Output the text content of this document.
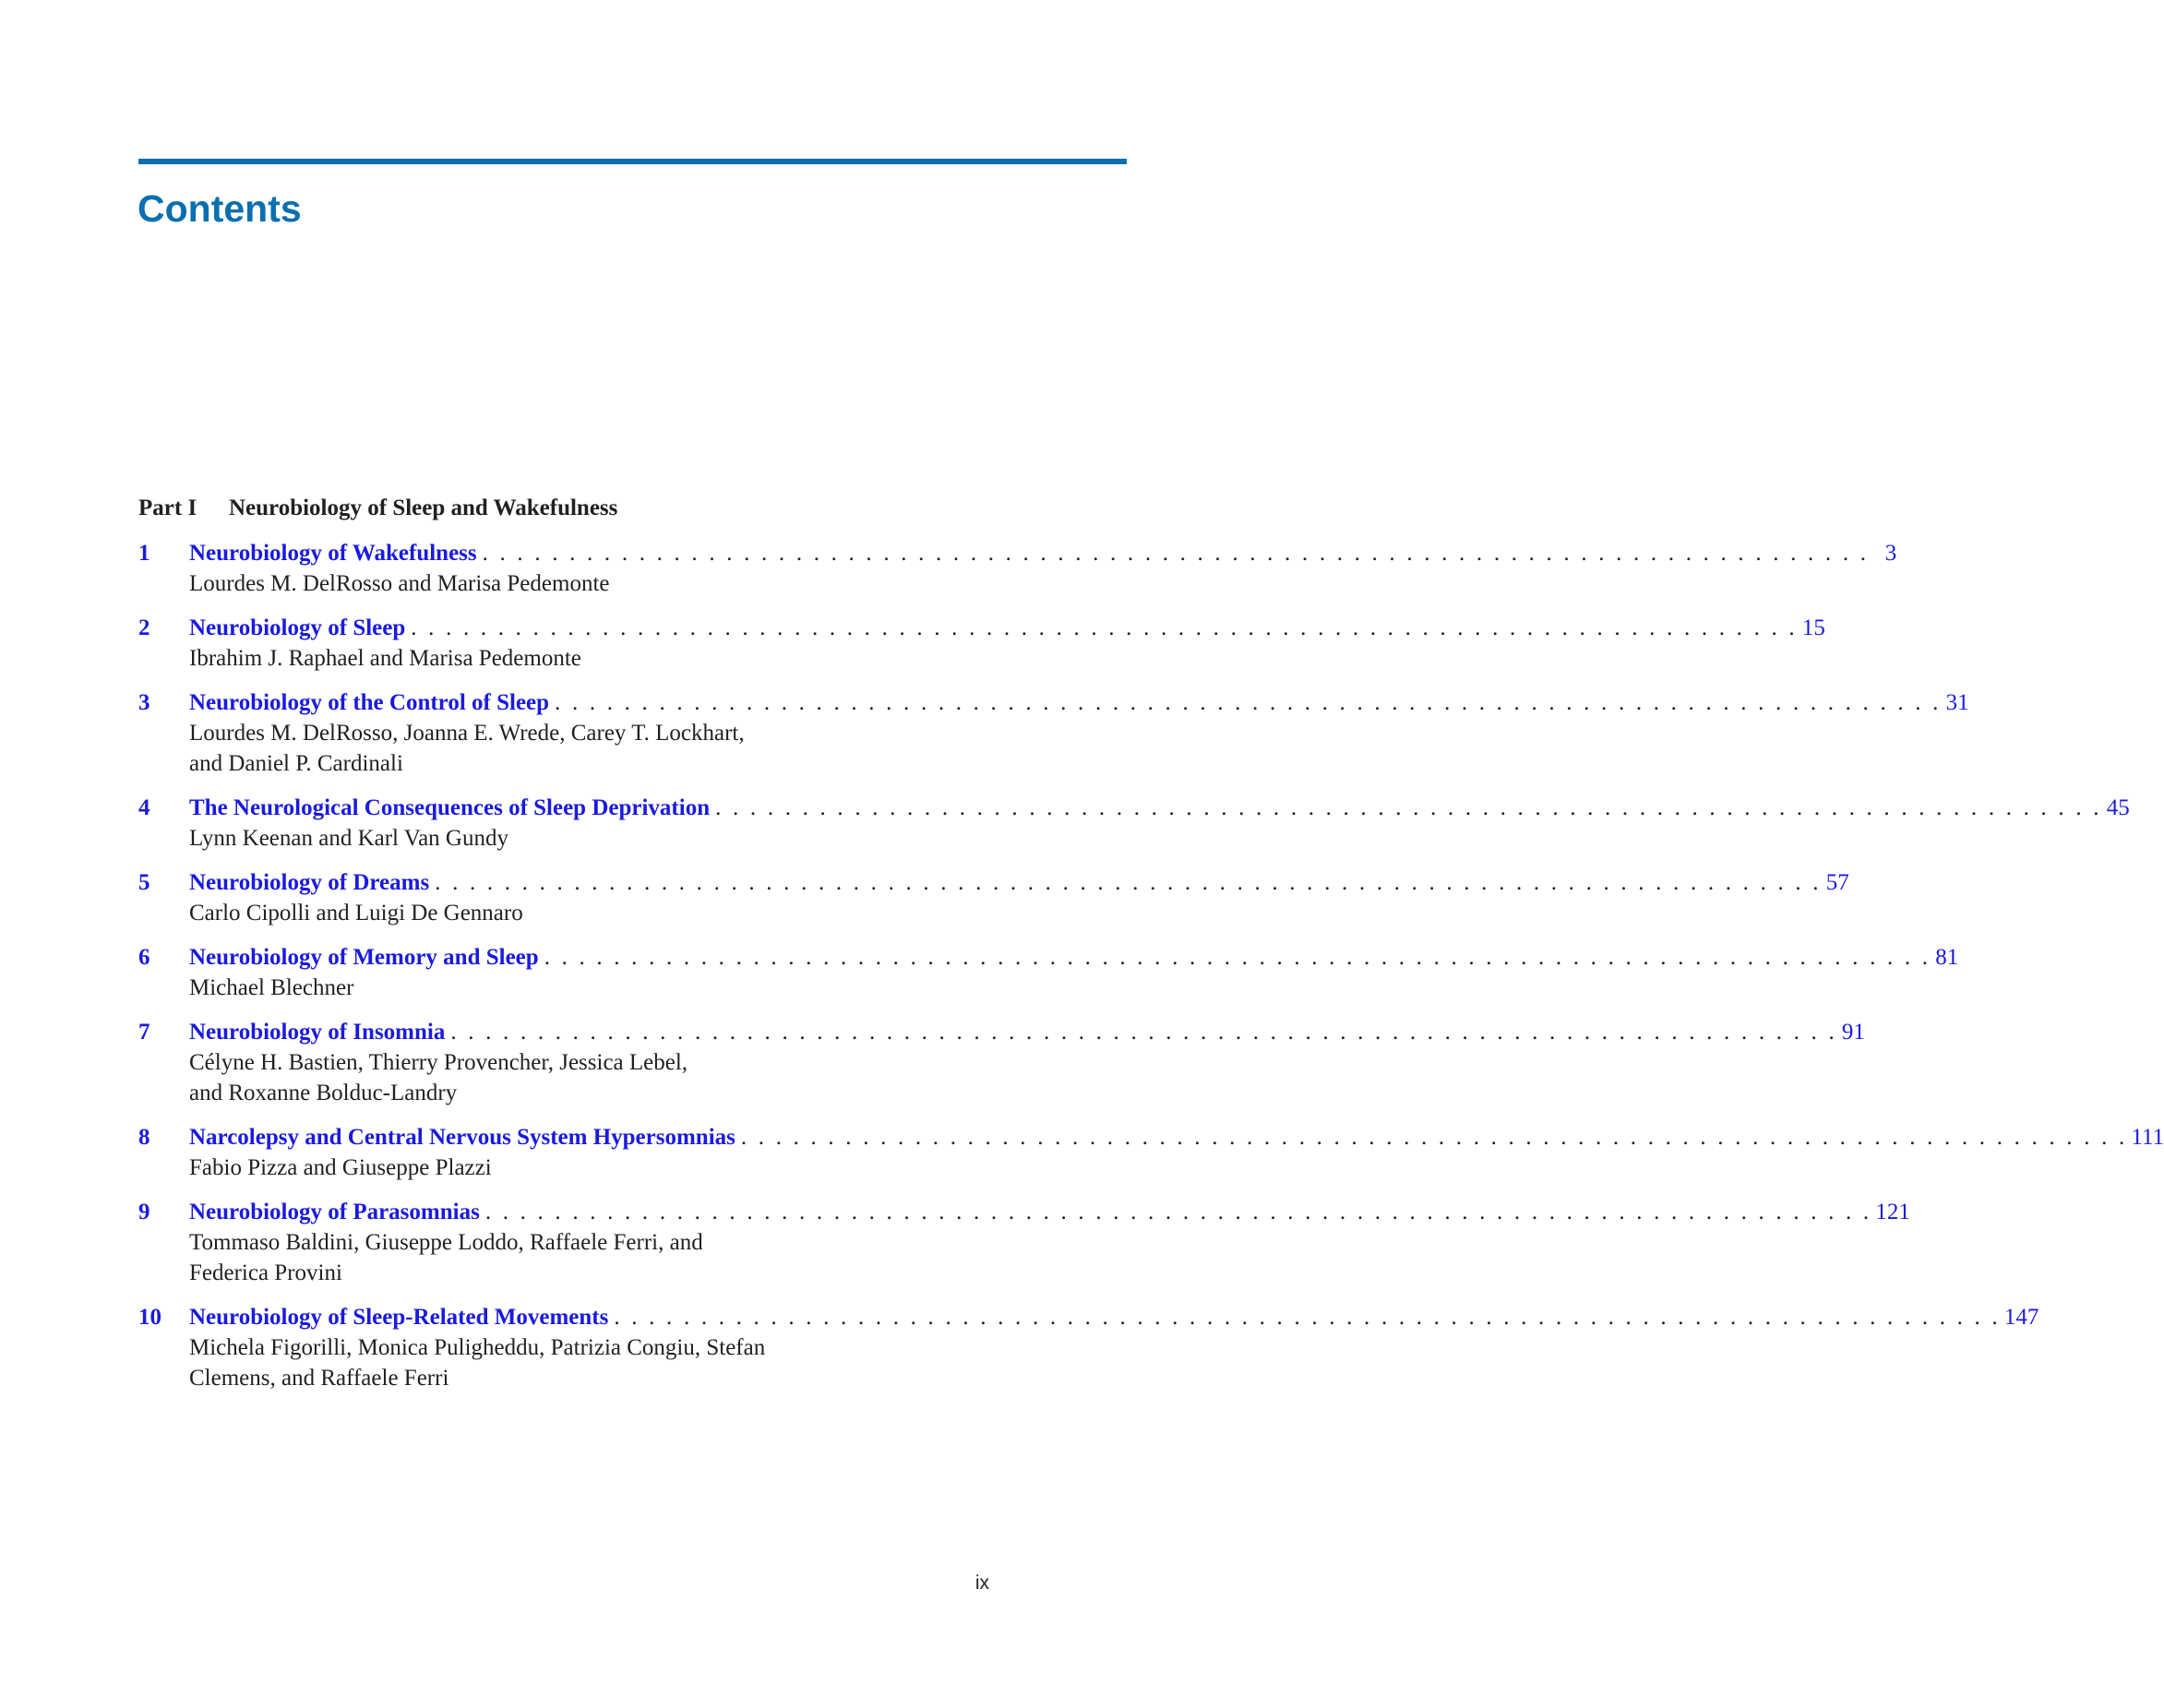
Contents
Part I Neurobiology of Sleep and Wakefulness
1	Neurobiology of Wakefulness . . . . . . . . . . . . . . . . . . . . . . . . . . . . . . . . . . . . . . . . . . . . . . . . . . . . . . . . . . . . . . . . . . . . . . . . . . . . . . . . 3
Lourdes M. DelRosso and Marisa Pedemonte
2	Neurobiology of Sleep . . . . . . . . . . . . . . . . . . . . . . . . . . . . . . . . . . . . . . . . . . . . . . . . . . . . . . . . . . . . . . . . . . . . . . . . . . . . . . . . 15
Ibrahim J. Raphael and Marisa Pedemonte
3	Neurobiology of the Control of Sleep . . . . . . . . . . . . . . . . . . . . . . . . . . . . . . . . . . . . . . . . . . . . . . . . . . . . . . . . . . . . . . . . . . . . . . . . . . . . . . . . 31
Lourdes M. DelRosso, Joanna E. Wrede, Carey T. Lockhart,
and Daniel P. Cardinali
4	The Neurological Consequences of Sleep Deprivation . . . . . . . . . . . . . . . . . . . . . . . . . . . . . . . . . . . . . . . . . . . . . . . . . . . . . . . . . . . . . . . . . . . . . . . . . . . . . . . . 45
Lynn Keenan and Karl Van Gundy
5	Neurobiology of Dreams . . . . . . . . . . . . . . . . . . . . . . . . . . . . . . . . . . . . . . . . . . . . . . . . . . . . . . . . . . . . . . . . . . . . . . . . . . . . . . . . 57
Carlo Cipolli and Luigi De Gennaro
6	Neurobiology of Memory and Sleep . . . . . . . . . . . . . . . . . . . . . . . . . . . . . . . . . . . . . . . . . . . . . . . . . . . . . . . . . . . . . . . . . . . . . . . . . . . . . . . . 81
Michael Blechner
7	Neurobiology of Insomnia . . . . . . . . . . . . . . . . . . . . . . . . . . . . . . . . . . . . . . . . . . . . . . . . . . . . . . . . . . . . . . . . . . . . . . . . . . . . . . . . 91
Célyne H. Bastien, Thierry Provencher, Jessica Lebel,
and Roxanne Bolduc-Landry
8	Narcolepsy and Central Nervous System Hypersomnias . . . . . . . . . . . . . . . . . . . . . . . . . . . . . . . . . . . . . . . . . . . . . . . . . . . . . . . . . . . . . . . . . . . . . . . . . . . . . . . . 111
Fabio Pizza and Giuseppe Plazzi
9	Neurobiology of Parasomnias . . . . . . . . . . . . . . . . . . . . . . . . . . . . . . . . . . . . . . . . . . . . . . . . . . . . . . . . . . . . . . . . . . . . . . . . . . . . . . . . 121
Tommaso Baldini, Giuseppe Loddo, Raffaele Ferri, and
Federica Provini
10	Neurobiology of Sleep-Related Movements . . . . . . . . . . . . . . . . . . . . . . . . . . . . . . . . . . . . . . . . . . . . . . . . . . . . . . . . . . . . . . . . . . . . . . . . . . . . . . . . 147
Michela Figorilli, Monica Puligheddu, Patrizia Congiu, Stefan
Clemens, and Raffaele Ferri
ix
